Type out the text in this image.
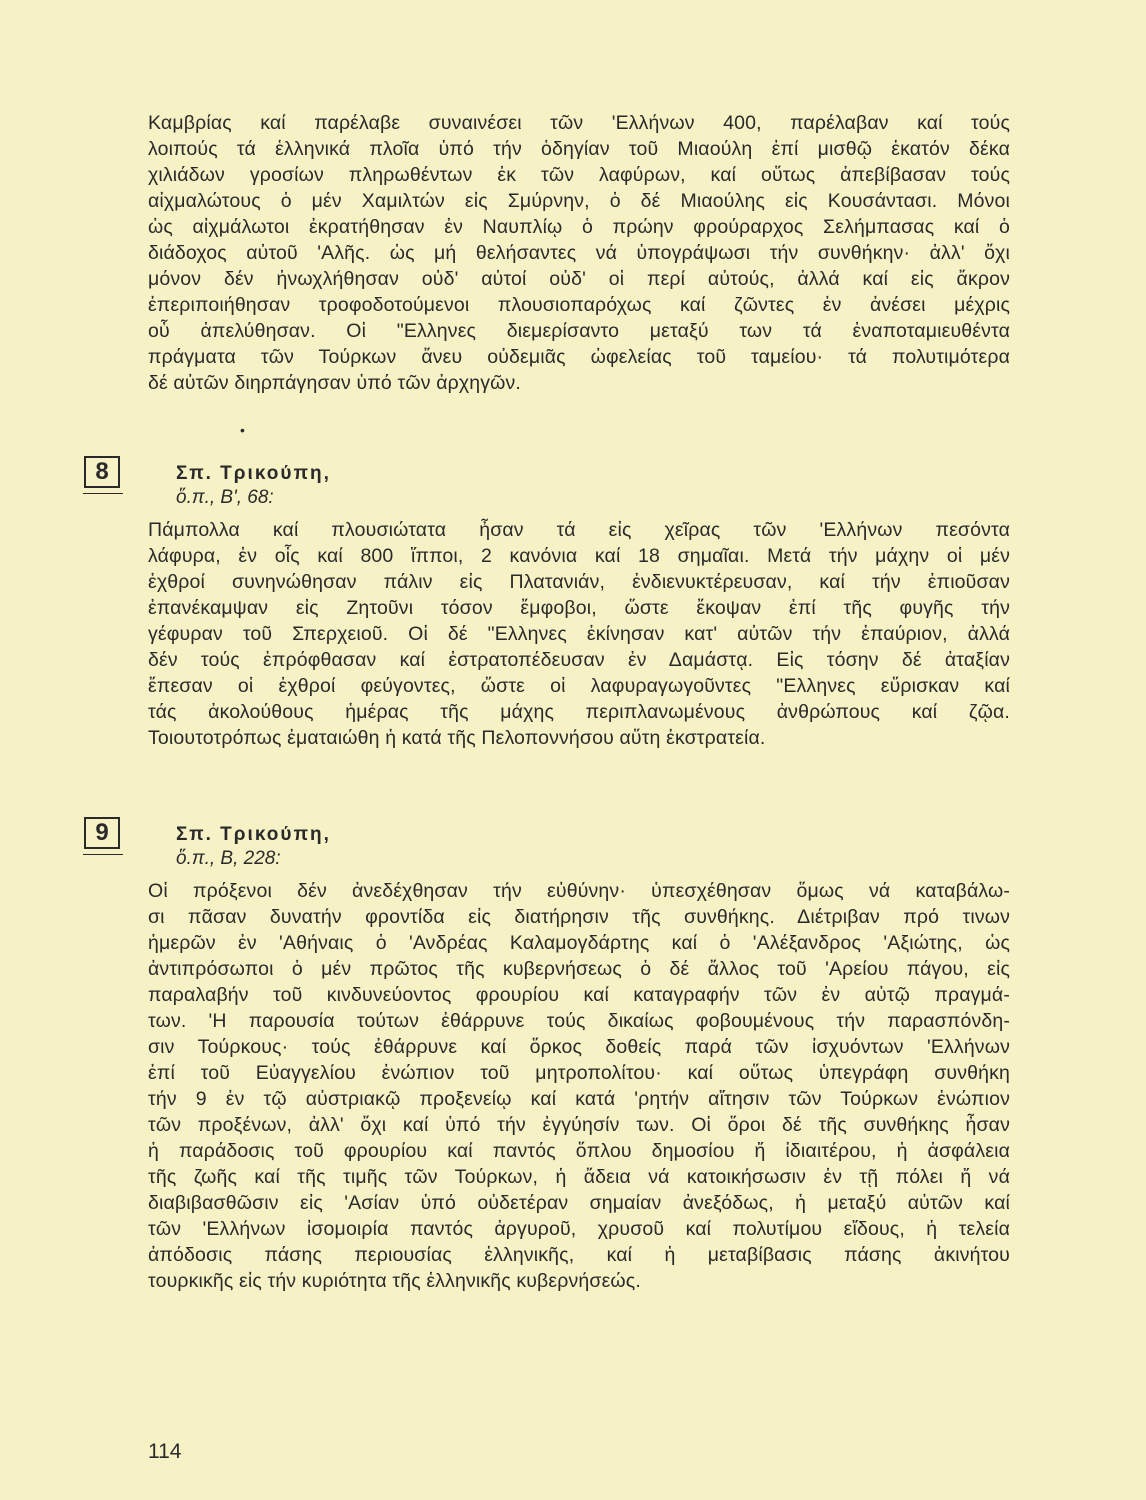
Καμβρίας καί παρέλαβε συναινέσει τῶν 'Ελλήνων 400, παρέλαβαν καί τούς
λοιπούς τά ἑλληνικά πλοῖα ὑπό τήν ὁδηγίαν τοῦ Μιαούλη ἐπί μισθῷ ἑκατόν δέκα
χιλιάδων γροσίων πληρωθέντων ἐκ τῶν λαφύρων, καί οὕτως ἀπεβίβασαν τούς
αἰχμαλώτους ὁ μέν Χαμιλτών εἰς Σμύρνην, ὁ δέ Μιαούλης εἰς Κουσάντασι. Μόνοι
ὡς αἰχμάλωτοι ἐκρατήθησαν ἐν Ναυπλίῳ ὁ πρώην φρούραρχος Σελήμπασας καί ὁ
διάδοχος αὐτοῦ 'Αλῆς. ὡς μή θελήσαντες νά ὑπογράψωσι τήν συνθήκην· ἀλλ' ὄχι
μόνον δέν ἠνωχλήθησαν οὐδ' αὐτοί οὐδ' οἱ περί αὐτούς, ἀλλά καί εἰς ἄκρον
ἐπεριποιήθησαν τροφοδοτούμενοι πλουσιοπαρόχως καί ζῶντες ἐν ἀνέσει μέχρις
οὗ ἀπελύθησαν. Οἱ "Ελληνες διεμερίσαντο μεταξύ των τά ἐναποταμιευθέντα
πράγματα τῶν Τούρκων ἄνευ οὐδεμιᾶς ὠφελείας τοῦ ταμείου· τά πολυτιμότερα
δέ αὐτῶν διηρπάγησαν ὑπό τῶν ἀρχηγῶν.
•
8	Σπ. Τρικούπη,
ὅ.π., Β', 68:
Πάμπολλα καί πλουσιώτατα ἦσαν τά εἰς χεῖρας τῶν 'Ελλήνων πεσόντα
λάφυρα, ἐν οἷς καί 800 ἵπποι, 2 κανόνια καί 18 σημαῖαι. Μετά τήν μάχην οἱ μέν
ἐχθροί συνηνώθησαν πάλιν εἰς Πλατανιάν, ἐνδιενυκτέρευσαν, καί τήν ἐπιοῦσαν
ἐπανέκαμψαν εἰς Ζητοῦνι τόσον ἔμφοβοι, ὥστε ἔκοψαν ἐπί τῆς φυγῆς τήν
γέφυραν τοῦ Σπερχειοῦ. Οἱ δέ "Ελληνες ἐκίνησαν κατ' αὐτῶν τήν ἐπαύριον, ἀλλά
δέν τούς ἐπρόφθασαν καί ἐστρατοπέδευσαν ἐν Δαμάστᾳ. Εἰς τόσην δέ ἀταξίαν
ἔπεσαν οἱ ἐχθροί φεύγοντες, ὥστε οἱ λαφυραγωγοῦντες "Ελληνες εὕρισκαν καί
τάς ἀκολούθους ἡμέρας τῆς μάχης περιπλανωμένους ἀνθρώπους καί ζῷα.
Τοιουτοτρόπως ἐματαιώθη ἡ κατά τῆς Πελοποννήσου αὕτη ἐκστρατεία.
9	Σπ. Τρικούπη,
ὅ.π., Β, 228:
Οἱ πρόξενοι δέν ἀνεδέχθησαν τήν εὐθύνην· ὑπεσχέθησαν ὅμως νά καταβάλω-
σι πᾶσαν δυνατήν φροντίδα εἰς διατήρησιν τῆς συνθήκης. Διέτριβαν πρό τινων
ἡμερῶν ἐν 'Αθήναις ὁ 'Ανδρέας Καλαμογδάρτης καί ὁ 'Αλέξανδρος 'Αξιώτης, ὡς
ἀντιπρόσωποι ὁ μέν πρῶτος τῆς κυβερνήσεως ὁ δέ ἄλλος τοῦ 'Αρείου πάγου, εἰς
παραλαβήν τοῦ κινδυνεύοντος φρουρίου καί καταγραφήν τῶν ἐν αὐτῷ πραγμά-
των. 'Η παρουσία τούτων ἐθάρρυνε τούς δικαίως φοβουμένους τήν παρασπόνδη-
σιν Τούρκους· τούς ἐθάρρυνε καί ὅρκος δοθείς παρά τῶν ἰσχυόντων 'Ελλήνων
ἐπί τοῦ Εὐαγγελίου ἐνώπιον τοῦ μητροπολίτου· καί οὕτως ὑπεγράφη συνθήκη
τήν 9 ἐν τῷ αὐστριακῷ προξενείῳ καί κατά 'ρητήν αἴτησιν τῶν Τούρκων ἐνώπιον
τῶν προξένων, ἀλλ' ὄχι καί ὑπό τήν ἐγγύησίν των. Οἱ ὅροι δέ τῆς συνθήκης ἦσαν
ἡ παράδοσις τοῦ φρουρίου καί παντός ὅπλου δημοσίου ἤ ἰδιαιτέρου, ἡ ἀσφάλεια
τῆς ζωῆς καί τῆς τιμῆς τῶν Τούρκων, ἡ ἄδεια νά κατοικήσωσιν ἐν τῇ πόλει ἤ νά
διαβιβασθῶσιν εἰς 'Ασίαν ὑπό οὐδετέραν σημαίαν ἀνεξόδως, ἡ μεταξύ αὐτῶν καί
τῶν 'Ελλήνων ἰσομοιρία παντός ἀργυροῦ, χρυσοῦ καί πολυτίμου εἴδους, ἡ τελεία
ἀπόδοσις πάσης περιουσίας ἑλληνικῆς, καί ἡ μεταβίβασις πάσης ἀκινήτου
τουρκικῆς εἰς τήν κυριότητα τῆς ἑλληνικῆς κυβερνήσεώς.
114
